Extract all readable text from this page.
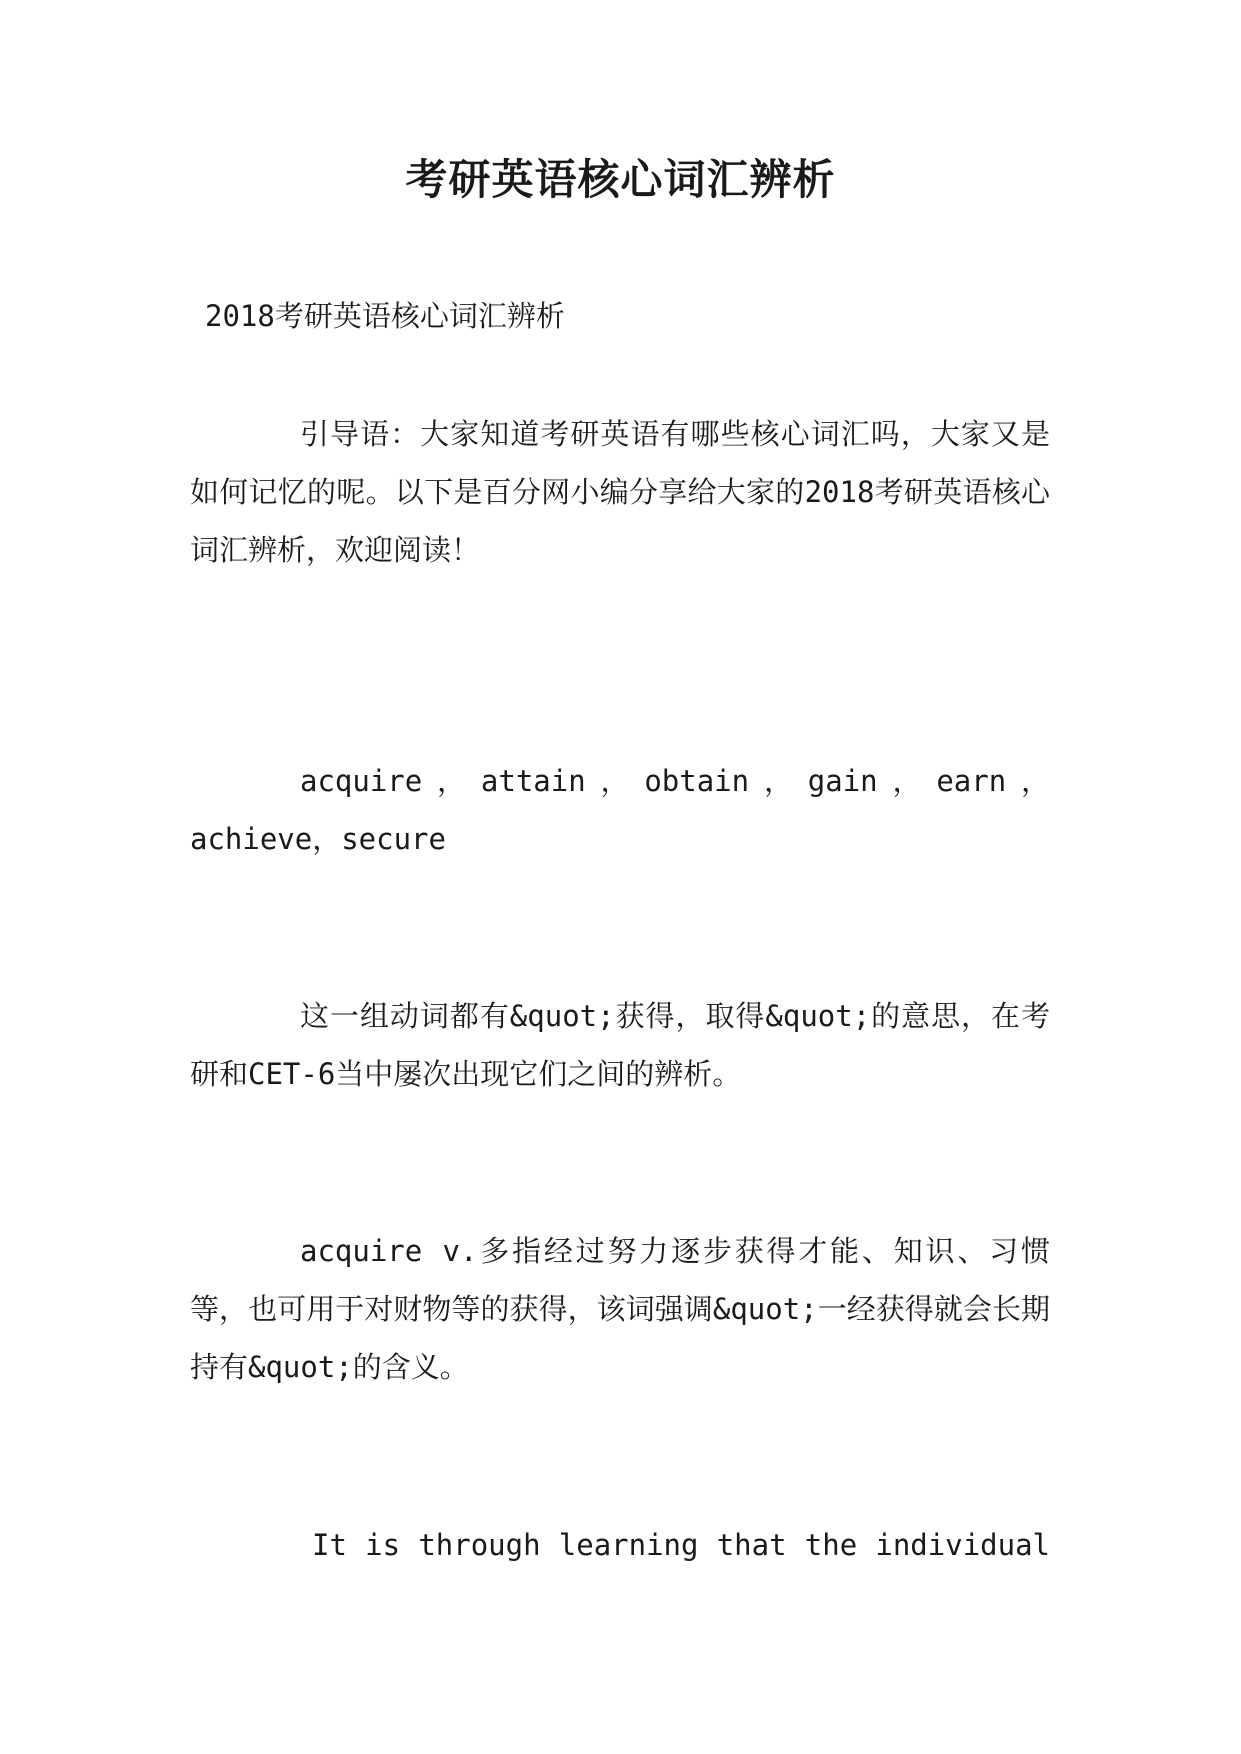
考研英语核心词汇辨析

2018考研英语核心词汇辨析

引导语：大家知道考研英语有哪些核心词汇吗，大家又是如何记忆的呢。以下是百分网小编分享给大家的2018考研英语核心词汇辨析，欢迎阅读！

acquire，attain，obtain，gain，earn，achieve，secure

这一组动词都有&quot;获得，取得&quot;的意思，在考研和CET-6当中屡次出现它们之间的辨析。

acquire v.多指经过努力逐步获得才能、知识、习惯等，也可用于对财物等的获得，该词强调&quot;一经获得就会长期持有&quot;的含义。

It is through learning that the individual
